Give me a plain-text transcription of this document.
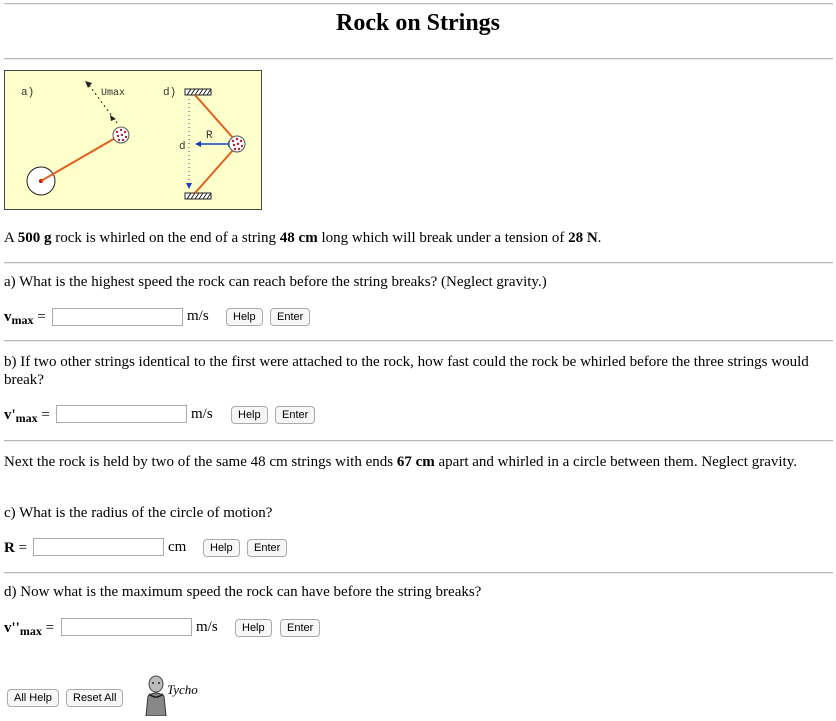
Rock on Strings
a)	Umax	d)
d
R
A 500 g rock is whirled on the end of a string 48 cm long which will break under a tension of 28 N.
a) What is the highest speed the rock can reach before the string breaks? (Neglect gravity.)
$v_{max}$ =	m/s	Help	Enter
b) If two other strings identical to the first were attached to the rock, how fast could the rock be whirled before the three strings would break?
$v'_{max}$ =	m/s	Help	Enter
Next the rock is held by two of the same 48 cm strings with ends 67 cm apart and whirled in a circle between them. Neglect gravity.
c) What is the radius of the circle of motion?
R =	cm	Help	Enter
d) Now what is the maximum speed the rock can have before the string breaks?
$v''_{max}$ =	m/s	Help	Enter
All Help	Reset All
Tycho
